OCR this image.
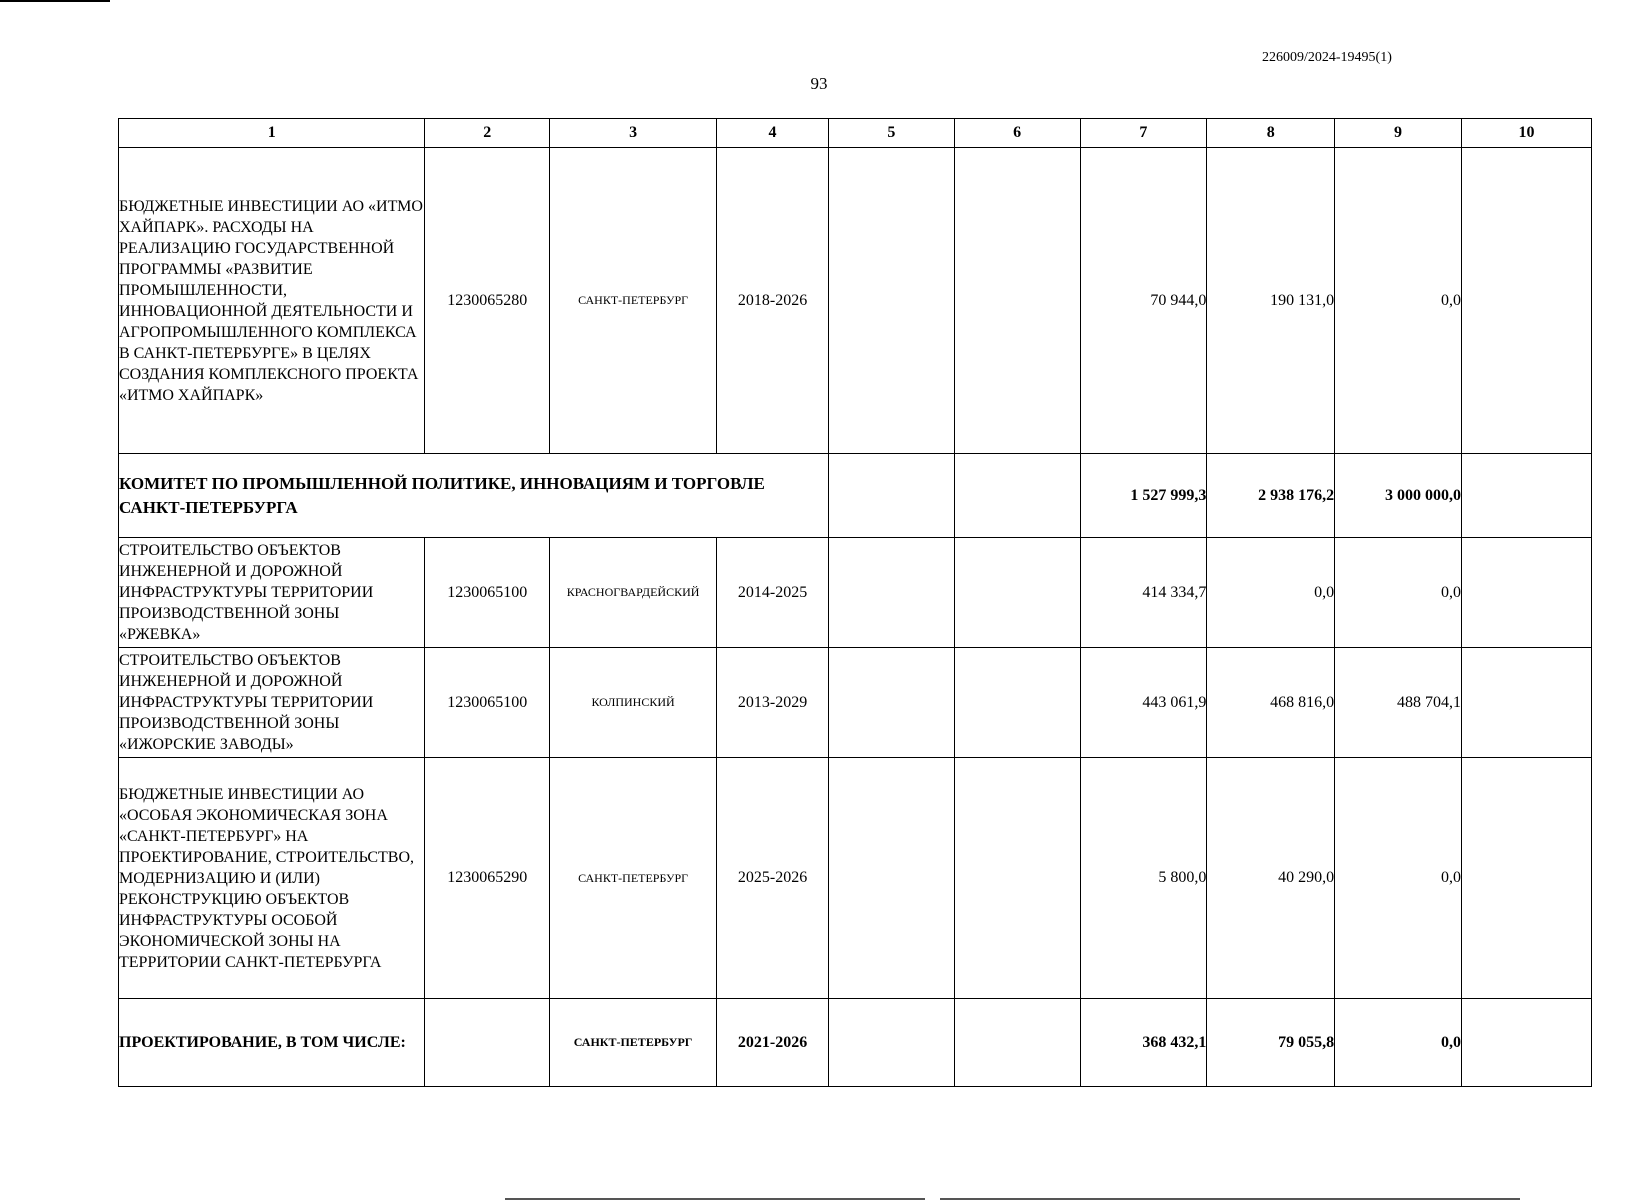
226009/2024-19495(1)
93
1	2	3	4	5	6	7	8	9	10
БЮДЖЕТНЫЕ ИНВЕСТИЦИИ АО «ИТМО ХАЙПАРК». РАСХОДЫ НА РЕАЛИЗАЦИЮ ГОСУДАРСТВЕННОЙ ПРОГРАММЫ «РАЗВИТИЕ ПРОМЫШЛЕННОСТИ, ИННОВАЦИОННОЙ ДЕЯТЕЛЬНОСТИ И АГРОПРОМЫШЛЕННОГО КОМПЛЕКСА В САНКТ-ПЕТЕРБУРГЕ» В ЦЕЛЯХ СОЗДАНИЯ КОМПЛЕКСНОГО ПРОЕКТА «ИТМО ХАЙПАРК»	1230065280	САНКТ-ПЕТЕРБУРГ	2018-2026			70 944,0	190 131,0	0,0	
КОМИТЕТ ПО ПРОМЫШЛЕННОЙ ПОЛИТИКЕ, ИННОВАЦИЯМ И ТОРГОВЛЕ САНКТ-ПЕТЕРБУРГА						1 527 999,3	2 938 176,2	3 000 000,0	
СТРОИТЕЛЬСТВО ОБЪЕКТОВ ИНЖЕНЕРНОЙ И ДОРОЖНОЙ ИНФРАСТРУКТУРЫ ТЕРРИТОРИИ ПРОИЗВОДСТВЕННОЙ ЗОНЫ «РЖЕВКА»	1230065100	КРАСНОГВАРДЕЙСКИЙ	2014-2025			414 334,7	0,0	0,0	
СТРОИТЕЛЬСТВО ОБЪЕКТОВ ИНЖЕНЕРНОЙ И ДОРОЖНОЙ ИНФРАСТРУКТУРЫ ТЕРРИТОРИИ ПРОИЗВОДСТВЕННОЙ ЗОНЫ «ИЖОРСКИЕ ЗАВОДЫ»	1230065100	КОЛПИНСКИЙ	2013-2029			443 061,9	468 816,0	488 704,1	
БЮДЖЕТНЫЕ ИНВЕСТИЦИИ АО «ОСОБАЯ ЭКОНОМИЧЕСКАЯ ЗОНА «САНКТ-ПЕТЕРБУРГ» НА ПРОЕКТИРОВАНИЕ, СТРОИТЕЛЬСТВО, МОДЕРНИЗАЦИЮ И (ИЛИ) РЕКОНСТРУКЦИЮ ОБЪЕКТОВ ИНФРАСТРУКТУРЫ ОСОБОЙ ЭКОНОМИЧЕСКОЙ ЗОНЫ НА ТЕРРИТОРИИ САНКТ-ПЕТЕРБУРГА	1230065290	САНКТ-ПЕТЕРБУРГ	2025-2026			5 800,0	40 290,0	0,0	
ПРОЕКТИРОВАНИЕ, В ТОМ ЧИСЛЕ:		САНКТ-ПЕТЕРБУРГ	2021-2026			368 432,1	79 055,8	0,0	
